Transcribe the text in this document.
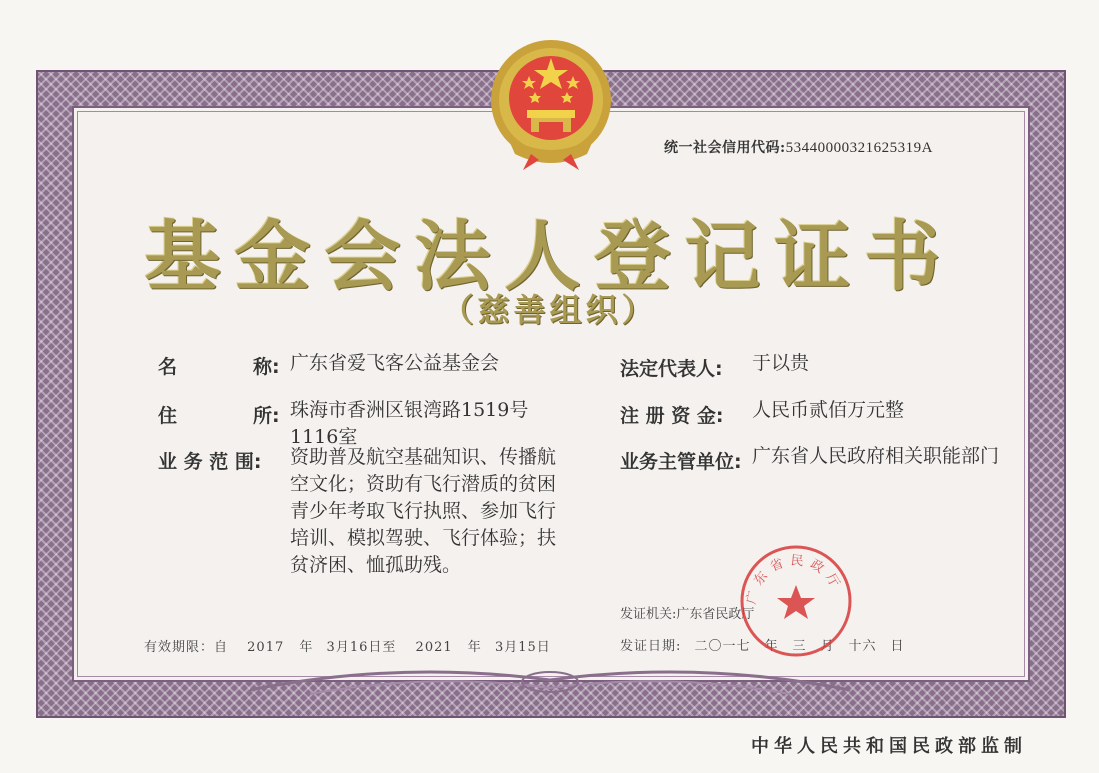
统一社会信用代码:53440000321625319A
基金会法人登记证书
（慈善组织）
名　　　　称: 广东省爱飞客公益基金会
住　　　　所: 珠海市香洲区银湾路1519号
1116室
业 务 范 围: 资助普及航空基础知识、传播航
空文化；资助有飞行潜质的贫困
青少年考取飞行执照、参加飞行
培训、模拟驾驶、飞行体验；扶
贫济困、恤孤助残。
法定代表人: 于以贵
注 册 资 金: 人民币贰佰万元整
业务主管单位: 广东省人民政府相关职能部门
有效期限：自 2017 年 3月16日至 2021 年 3月15日
发证机关:广东省民政厅
发证日期: 二〇一七　年　三　月　十六　日
广东省民政厅
中华人民共和国民政部监制
